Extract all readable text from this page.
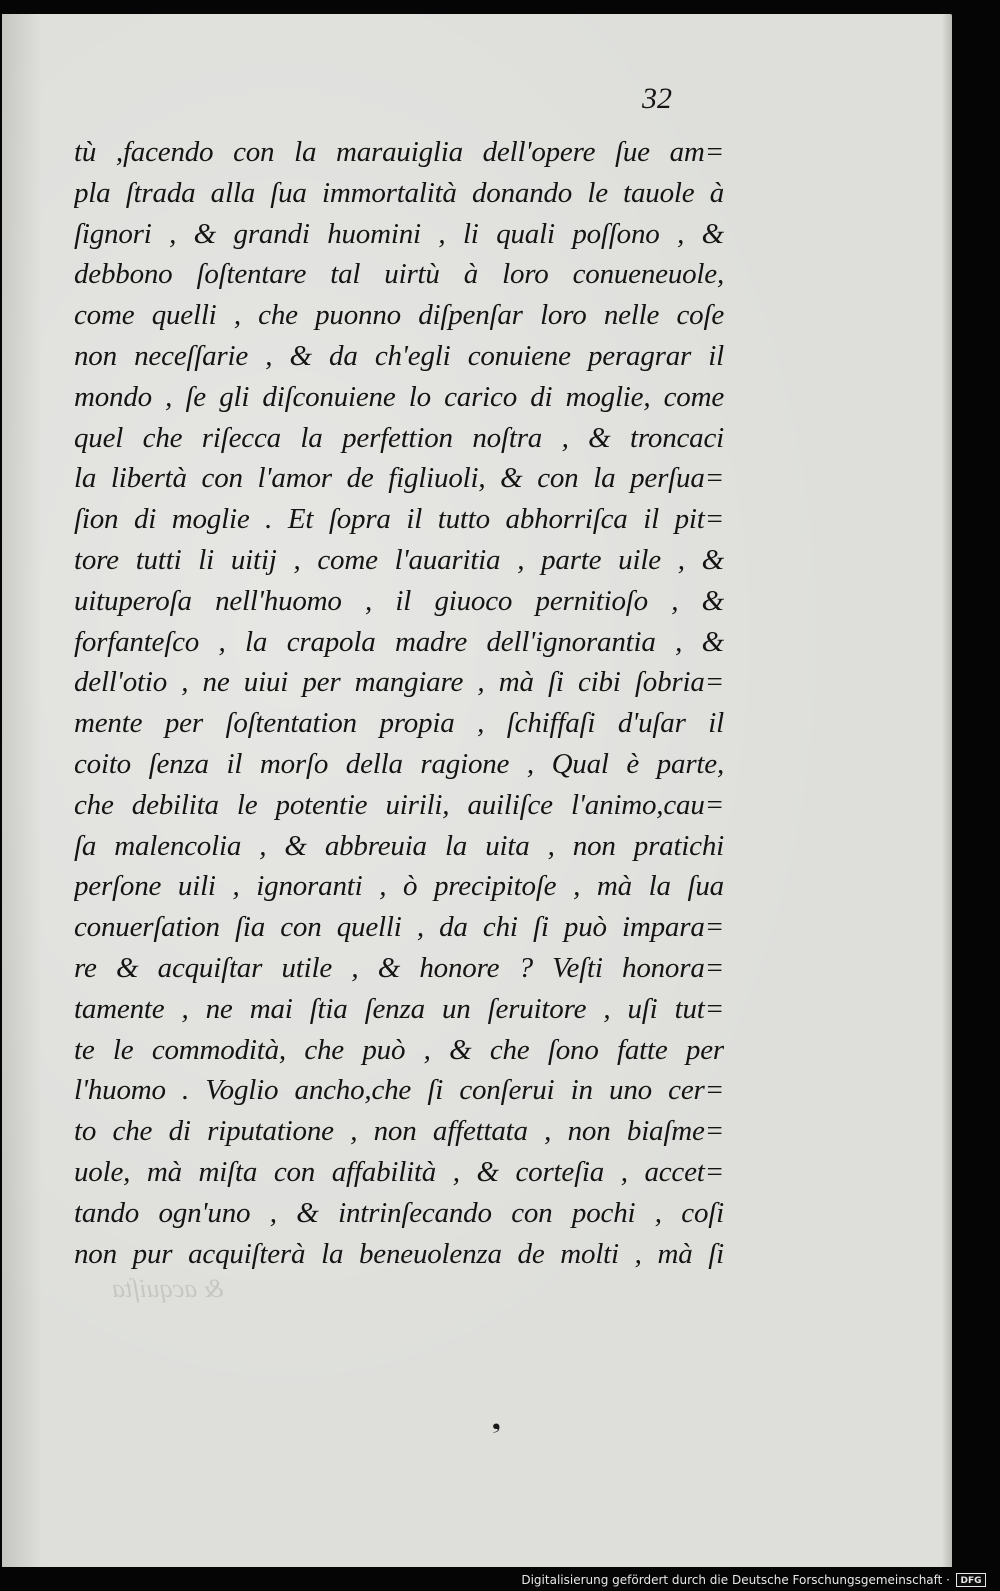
32

tù ,facendo con la marauiglia dell'opere ſue am=
pla ſtrada alla ſua immortalità donando le tauole à
ſignori , & grandi huomini , li quali poſſono , &
debbono ſoſtentare tal uirtù à loro conueneuole,
come quelli , che puonno diſpenſar loro nelle coſe
non neceſſarie , & da ch'egli conuiene peragrar il
mondo , ſe gli diſconuiene lo carico di moglie, come
quel che riſecca la perfettion noſtra , & troncaci
la libertà con l'amor de figliuoli, & con la perſua=
ſion di moglie . Et ſopra il tutto abhorriſca il pit=
tore tutti li uitij , come l'auaritia , parte uile , &
uituperoſa nell'huomo , il giuoco pernitioſo , &
forfanteſco , la crapola madre dell'ignorantia , &
dell'otio , ne uiui per mangiare , mà ſi cibi ſobria=
mente per ſoſtentation propia , ſchiffaſi d'uſar il
coito ſenza il morſo della ragione , Qual è parte,
che debilita le potentie uirili, auiliſce l'animo,cau=
ſa malencolia , & abbreuia la uita , non pratichi
perſone uili , ignoranti , ò precipitoſe , mà la ſua
conuerſation ſia con quelli , da chi ſi può impara=
re & acquiſtar utile , & honore ? Veſti honora=
tamente , ne mai ſtia ſenza un ſeruitore , uſi tut=
te le commodità, che può , & che ſono fatte per
l'huomo . Voglio ancho,che ſi conſerui in uno cer=
to che di riputatione , non affettata , non biaſme=
uole, mà miſta con affabilità , & corteſia , accet=
tando ogn'uno , & intrinſecando con pochi , coſi
non pur acquiſterà la beneuolenza de molti , mà ſi

& acquiſta

❟

Digitalisierung gefördert durch die Deutsche Forschungsgemeinschaft ·	DFG
